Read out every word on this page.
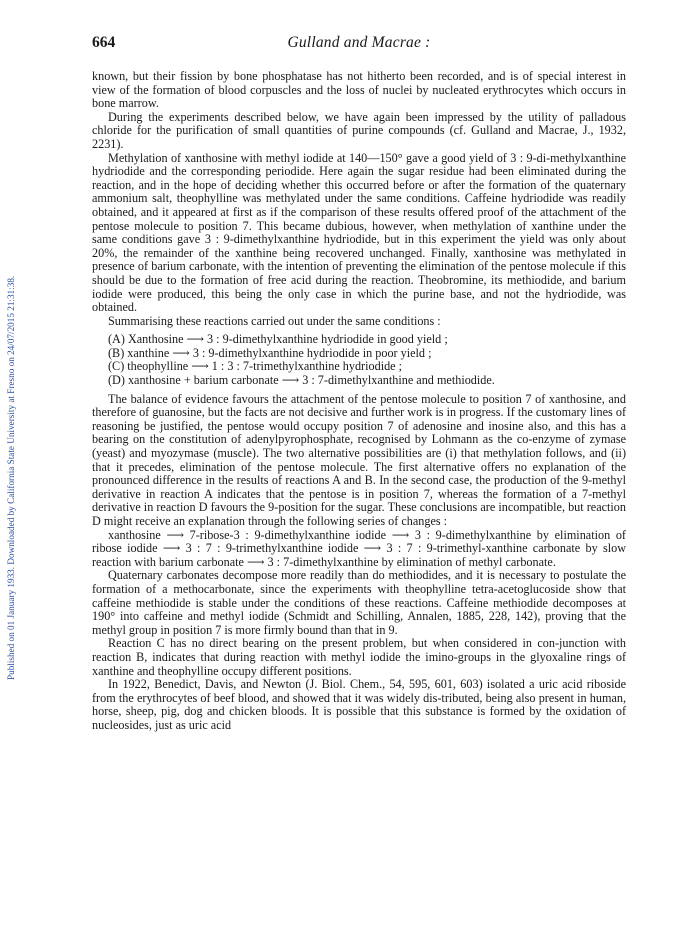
Published on 01 January 1933. Downloaded by California State University at Fresno on 24/07/2015 21:31:38.
664	Gulland and Macrae :

known, but their fission by bone phosphatase has not hitherto been recorded, and is of special interest in view of the formation of blood corpuscles and the loss of nuclei by nucleated erythrocytes which occurs in bone marrow.

During the experiments described below, we have again been impressed by the utility of palladous chloride for the purification of small quantities of purine compounds (cf. Gulland and Macrae, J., 1932, 2231).

Methylation of xanthosine with methyl iodide at 140—150° gave a good yield of 3 : 9-di-methylxanthine hydriodide and the corresponding periodide. Here again the sugar residue had been eliminated during the reaction, and in the hope of deciding whether this occurred before or after the formation of the quaternary ammonium salt, theophylline was methylated under the same conditions. Caffeine hydriodide was readily obtained, and it appeared at first as if the comparison of these results offered proof of the attachment of the pentose molecule to position 7. This became dubious, however, when methylation of xanthine under the same conditions gave 3 : 9-dimethylxanthine hydriodide, but in this experiment the yield was only about 20%, the remainder of the xanthine being recovered unchanged. Finally, xanthosine was methylated in presence of barium carbonate, with the intention of preventing the elimination of the pentose molecule if this should be due to the formation of free acid during the reaction. Theobromine, its methiodide, and barium iodide were produced, this being the only case in which the purine base, and not the hydriodide, was obtained.

Summarising these reactions carried out under the same conditions :

(A) Xanthosine ⟶ 3 : 9-dimethylxanthine hydriodide in good yield ;
(B) xanthine ⟶ 3 : 9-dimethylxanthine hydriodide in poor yield ;
(C) theophylline ⟶ 1 : 3 : 7-trimethylxanthine hydriodide ;
(D) xanthosine + barium carbonate ⟶ 3 : 7-dimethylxanthine and methiodide.

The balance of evidence favours the attachment of the pentose molecule to position 7 of xanthosine, and therefore of guanosine, but the facts are not decisive and further work is in progress. If the customary lines of reasoning be justified, the pentose would occupy position 7 of adenosine and inosine also, and this has a bearing on the constitution of adenylpyrophosphate, recognised by Lohmann as the co-enzyme of zymase (yeast) and myozymase (muscle). The two alternative possibilities are (i) that methylation follows, and (ii) that it precedes, elimination of the pentose molecule. The first alternative offers no explanation of the pronounced difference in the results of reactions A and B. In the second case, the production of the 9-methyl derivative in reaction A indicates that the pentose is in position 7, whereas the formation of a 7-methyl derivative in reaction D favours the 9-position for the sugar. These conclusions are incompatible, but reaction D might receive an explanation through the following series of changes :

xanthosine ⟶ 7-ribose-3 : 9-dimethylxanthine iodide ⟶ 3 : 9-dimethylxanthine by elimination of ribose iodide ⟶ 3 : 7 : 9-trimethylxanthine iodide ⟶ 3 : 7 : 9-trimethyl-xanthine carbonate by slow reaction with barium carbonate ⟶ 3 : 7-dimethylxanthine by elimination of methyl carbonate.

Quaternary carbonates decompose more readily than do methiodides, and it is necessary to postulate the formation of a methocarbonate, since the experiments with theophylline tetra-acetoglucoside show that caffeine methiodide is stable under the conditions of these reactions. Caffeine methiodide decomposes at 190° into caffeine and methyl iodide (Schmidt and Schilling, Annalen, 1885, 228, 142), proving that the methyl group in position 7 is more firmly bound than that in 9.

Reaction C has no direct bearing on the present problem, but when considered in con-junction with reaction B, indicates that during reaction with methyl iodide the imino-groups in the glyoxaline rings of xanthine and theophylline occupy different positions.

In 1922, Benedict, Davis, and Newton (J. Biol. Chem., 54, 595, 601, 603) isolated a uric acid riboside from the erythrocytes of beef blood, and showed that it was widely dis-tributed, being also present in human, horse, sheep, pig, dog and chicken bloods. It is possible that this substance is formed by the oxidation of nucleosides, just as uric acid
